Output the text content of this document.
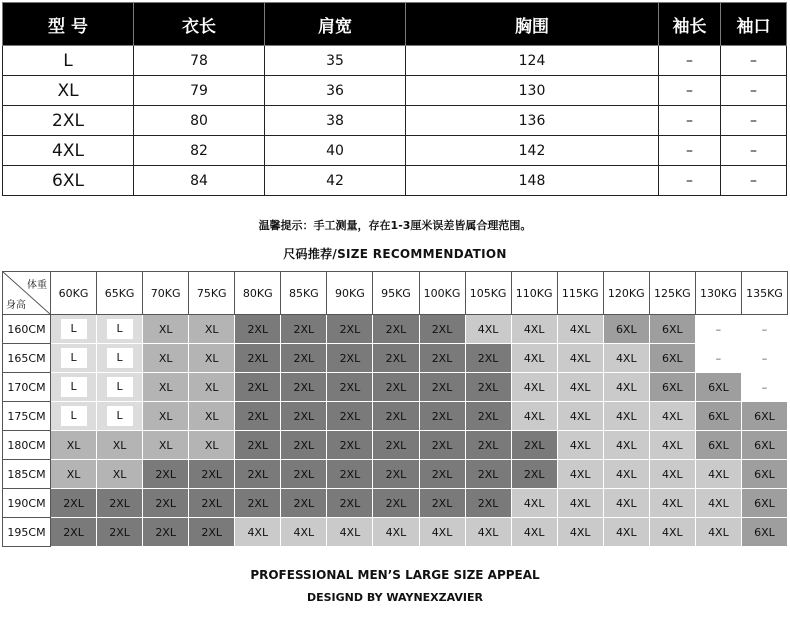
型 号	衣长	肩宽	胸围	袖长	袖口
L	78	35	124	–	–
XL	79	36	130	–	–
2XL	80	38	136	–	–
4XL	82	40	142	–	–
6XL	84	42	148	–	–
温馨提示：手工测量，存在1-3厘米误差皆属合理范围。
尺码推荐/SIZE RECOMMENDATION
体重
身高	60KG	65KG	70KG	75KG	80KG	85KG	90KG	95KG	100KG	105KG	110KG	115KG	120KG	125KG	130KG	135KG
160CM	L	L	XL	XL	2XL	2XL	2XL	2XL	2XL	4XL	4XL	4XL	6XL	6XL	–	–
165CM	L	L	XL	XL	2XL	2XL	2XL	2XL	2XL	2XL	4XL	4XL	4XL	6XL	–	–
170CM	L	L	XL	XL	2XL	2XL	2XL	2XL	2XL	2XL	4XL	4XL	4XL	6XL	6XL	–
175CM	L	L	XL	XL	2XL	2XL	2XL	2XL	2XL	2XL	4XL	4XL	4XL	4XL	6XL	6XL
180CM	XL	XL	XL	XL	2XL	2XL	2XL	2XL	2XL	2XL	2XL	4XL	4XL	4XL	6XL	6XL
185CM	XL	XL	2XL	2XL	2XL	2XL	2XL	2XL	2XL	2XL	2XL	4XL	4XL	4XL	4XL	6XL
190CM	2XL	2XL	2XL	2XL	2XL	2XL	2XL	2XL	2XL	2XL	4XL	4XL	4XL	4XL	4XL	6XL
195CM	2XL	2XL	2XL	2XL	4XL	4XL	4XL	4XL	4XL	4XL	4XL	4XL	4XL	4XL	4XL	6XL
PROFESSIONAL MEN’S LARGE SIZE APPEAL
DESIGND BY WAYNEXZAVIER
